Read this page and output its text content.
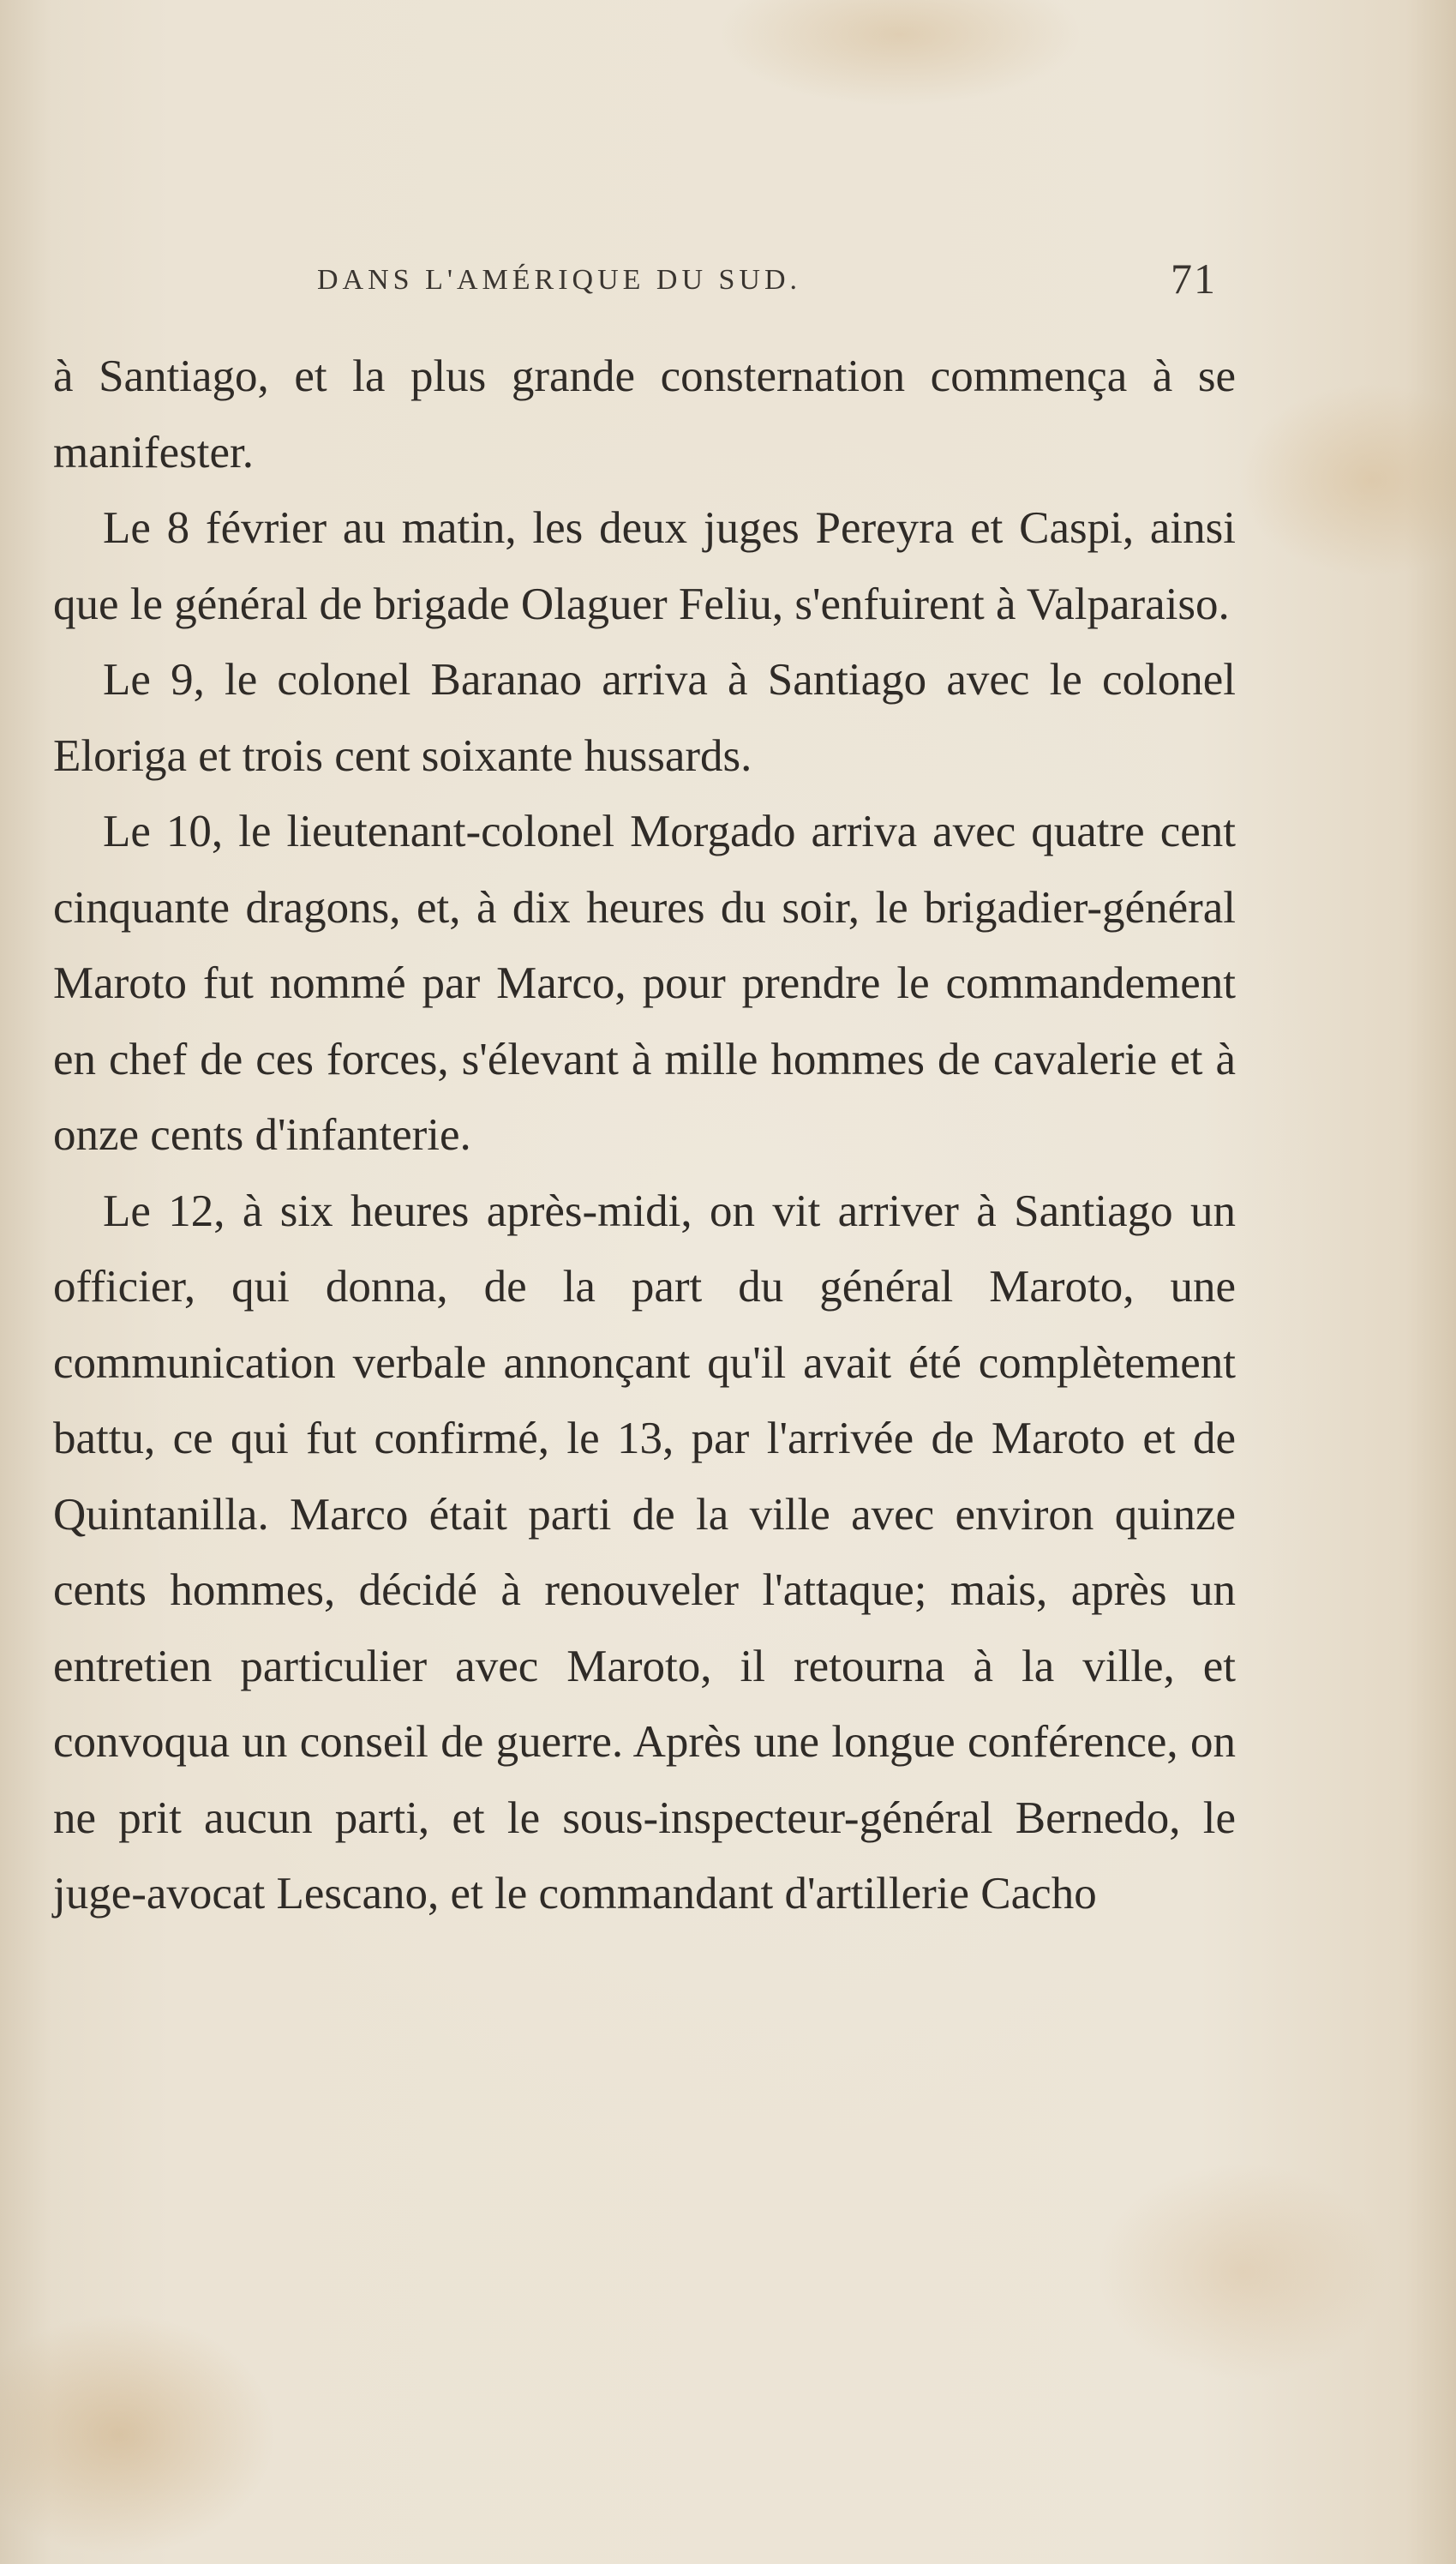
DANS L'AMÉRIQUE DU SUD.	71

à Santiago, et la plus grande consternation commença à se manifester.

Le 8 février au matin, les deux juges Pereyra et Caspi, ainsi que le général de brigade Olaguer Feliu, s'enfuirent à Valparaiso.

Le 9, le colonel Baranao arriva à Santiago avec le colonel Eloriga et trois cent soixante hussards.

Le 10, le lieutenant-colonel Morgado arriva avec quatre cent cinquante dragons, et, à dix heures du soir, le brigadier-général Maroto fut nommé par Marco, pour prendre le commandement en chef de ces forces, s'élevant à mille hommes de cavalerie et à onze cents d'infanterie.

Le 12, à six heures après-midi, on vit arriver à Santiago un officier, qui donna, de la part du général Maroto, une communication verbale annonçant qu'il avait été complètement battu, ce qui fut confirmé, le 13, par l'arrivée de Maroto et de Quintanilla. Marco était parti de la ville avec environ quinze cents hommes, décidé à renouveler l'attaque; mais, après un entretien particulier avec Maroto, il retourna à la ville, et convoqua un conseil de guerre. Après une longue conférence, on ne prit aucun parti, et le sous-inspecteur-général Bernedo, le juge-avocat Lescano, et le commandant d'artillerie Cacho
